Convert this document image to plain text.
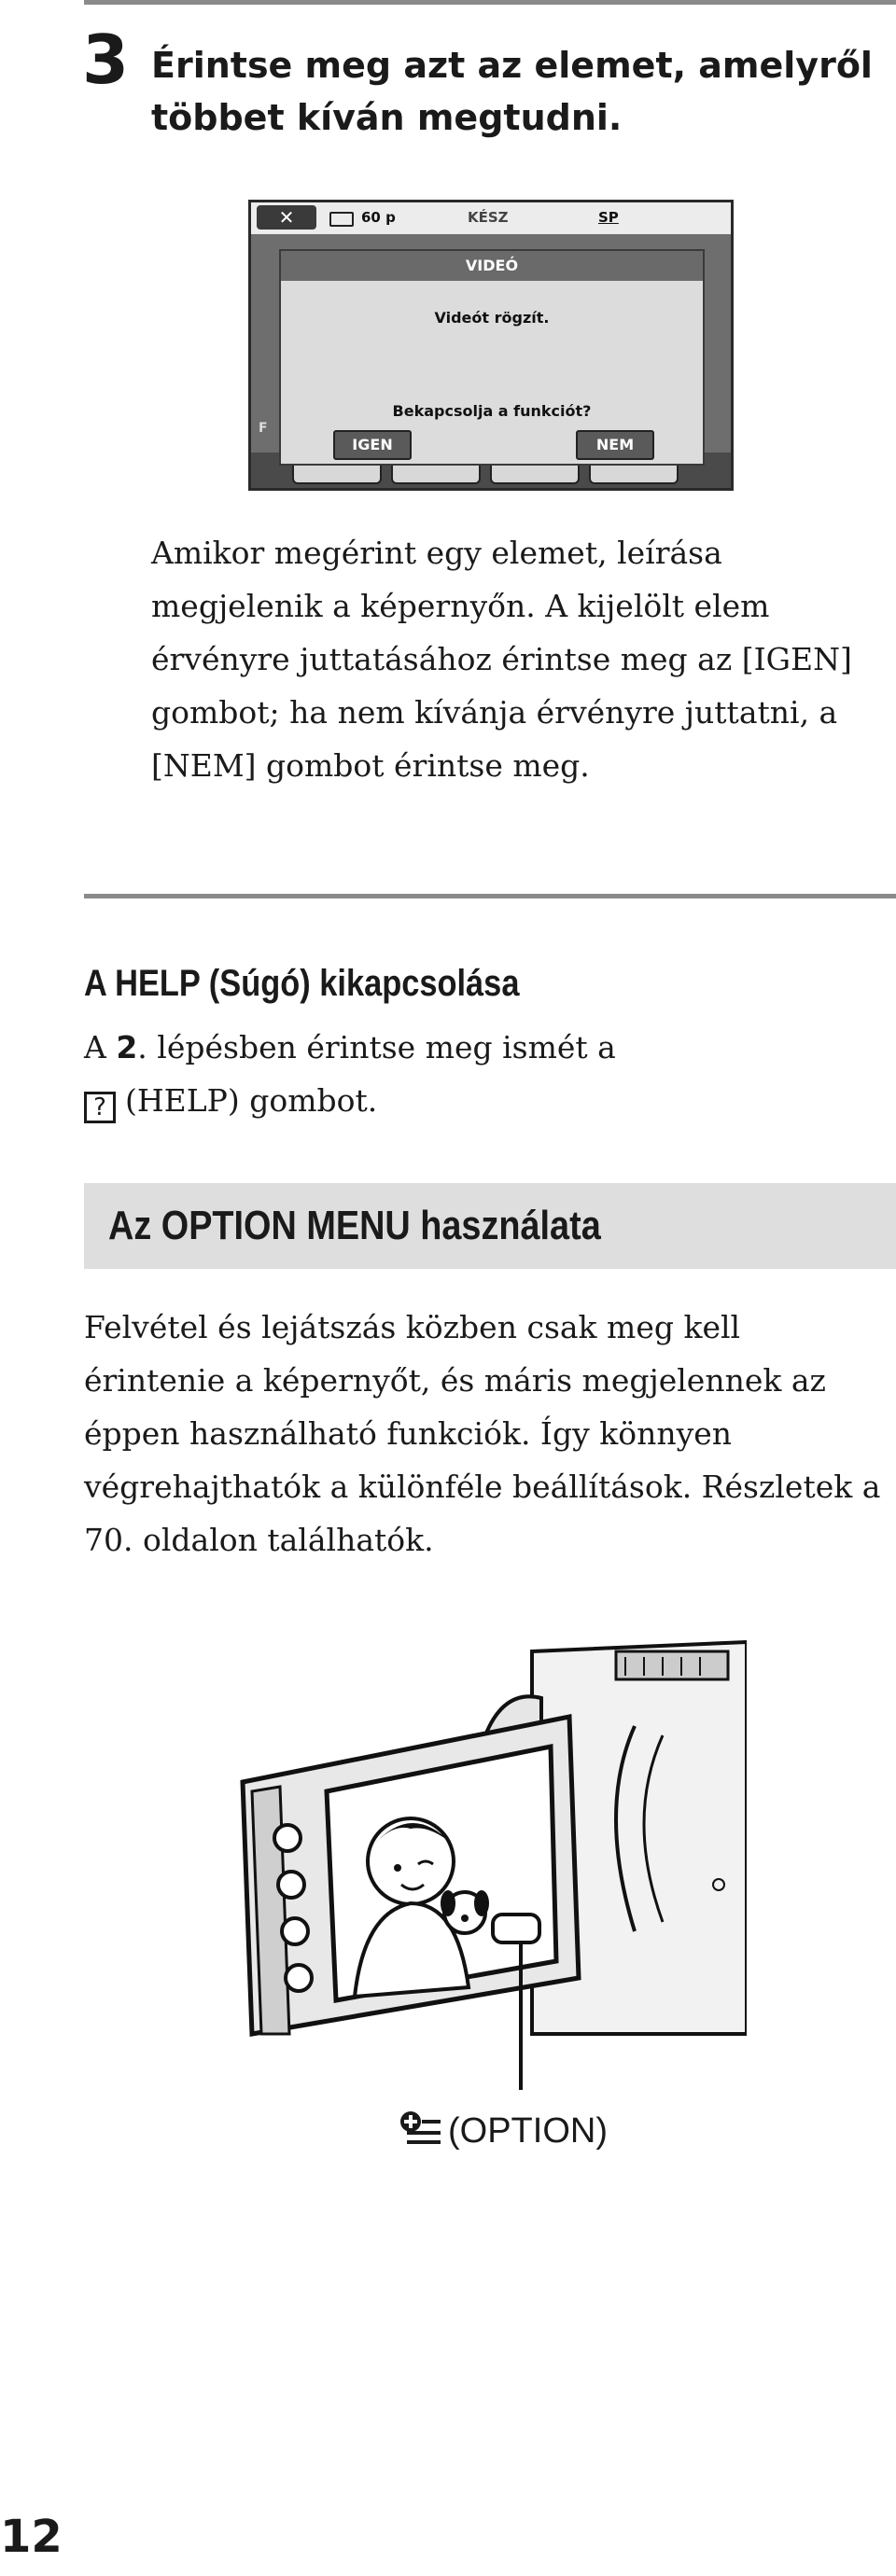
3 Érintse meg azt az elemet, amelyről többet kíván megtudni.
✕	60 p	KÉSZ	SP
F
VIDEÓ
Videót rögzít.
Bekapcsolja a funkciót?
IGEN	NEM

Amikor megérint egy elemet, leírása megjelenik a képernyőn. A kijelölt elem érvényre juttatásához érintse meg az [IGEN] gombot; ha nem kívánja érvényre juttatni, a [NEM] gombot érintse meg.

A HELP (Súgó) kikapcsolása

A 2. lépésben érintse meg ismét a
? (HELP) gombot.

Az OPTION MENU használata

Felvétel és lejátszás közben csak meg kell érintenie a képernyőt, és máris megjelennek az éppen használható funkciók. Így könnyen végrehajthatók a különféle beállítások. Részletek a 70. oldalon találhatók.

(OPTION)

12
